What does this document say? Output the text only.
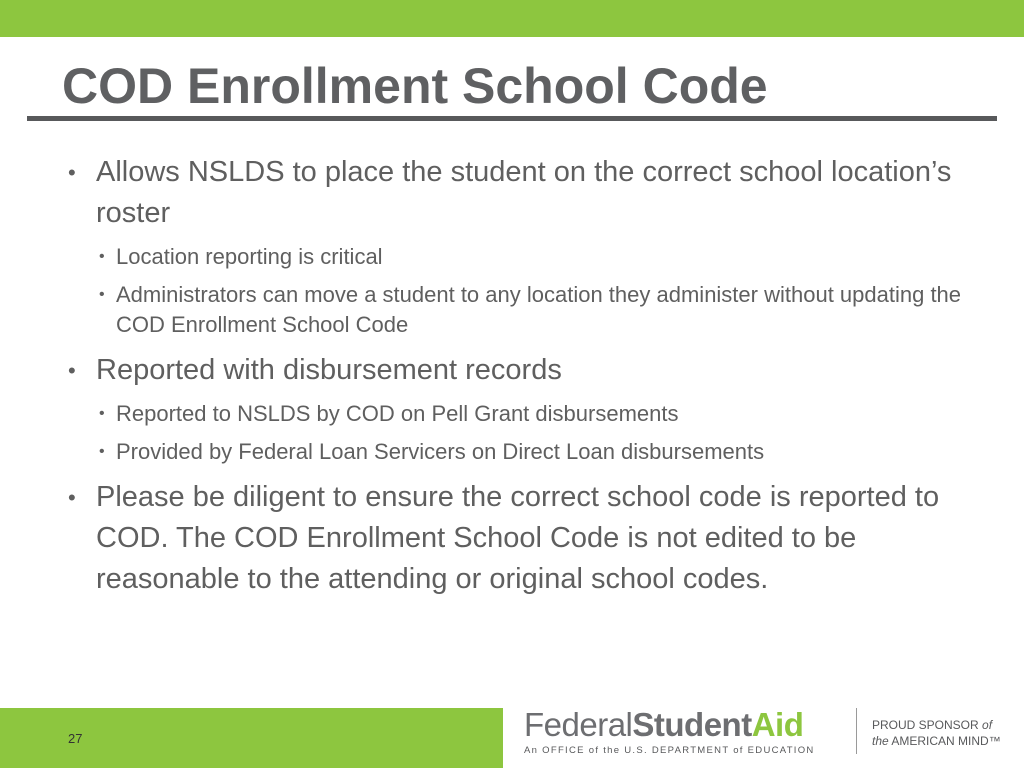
COD Enrollment School Code
• Allows NSLDS to place the student on the correct school location’s roster
• Location reporting is critical
• Administrators can move a student to any location they administer without updating the COD Enrollment School Code
• Reported with disbursement records
• Reported to NSLDS by COD on Pell Grant disbursements
• Provided by Federal Loan Servicers on Direct Loan disbursements
• Please be diligent to ensure the correct school code is reported to COD. The COD Enrollment School Code is not edited to be reasonable to the attending or original school codes.
27	FederalStudentAid
An OFFICE of the U.S. DEPARTMENT of EDUCATION
PROUD SPONSOR of
the AMERICAN MIND™
